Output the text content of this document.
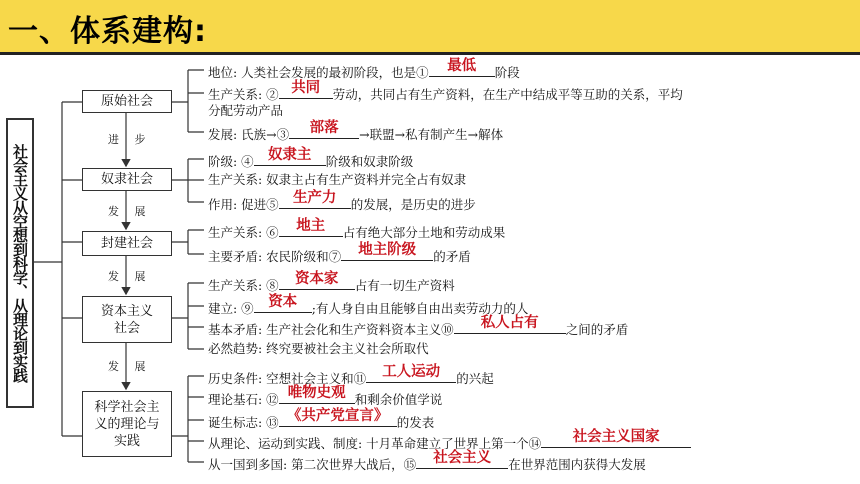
一、体系建构:
社会主义从空想到科学、从理论到实践
原始社会
奴隶社会
封建社会
资本主义社会
科学社会主义的理论与实践
进 步
发 展
发 展
发 展
地位: 人类社会发展的最初阶段，也是①	最低	阶段
生产关系: ② 共同	劳动，共同占有生产资料，在生产中结成平等互助的关系，平均
分配劳动产品
发展: 氏族→③	部落	→联盟→私有制产生→解体
阶级: ④ 奴隶主	阶级和奴隶阶级
生产关系: 奴隶主占有生产资料并完全占有奴隶
作用: 促进⑤ 生产力	的发展，是历史的进步
生产关系: ⑥	地主	占有绝大部分土地和劳动成果
主要矛盾: 农民阶级和⑦	地主阶级	的矛盾
生产关系: ⑧	资本家	占有一切生产资料
建立: ⑨	资本	;有人身自由且能够自由出卖劳动力的人
基本矛盾: 生产社会化和生产资料资本主义⑩	私人占有	之间的矛盾
必然趋势: 终究要被社会主义社会所取代
历史条件: 空想社会主义和⑪	工人运动	的兴起
理论基石: ⑫ 唯物史观 和剩余价值学说
诞生标志: ⑬ 《共产党宣言》 的发表
从理论、运动到实践、制度: 十月革命建立了世界上第一个⑭	社会主义国家
从一国到多国: 第二次世界大战后，⑮	社会主义	在世界范围内获得大发展
